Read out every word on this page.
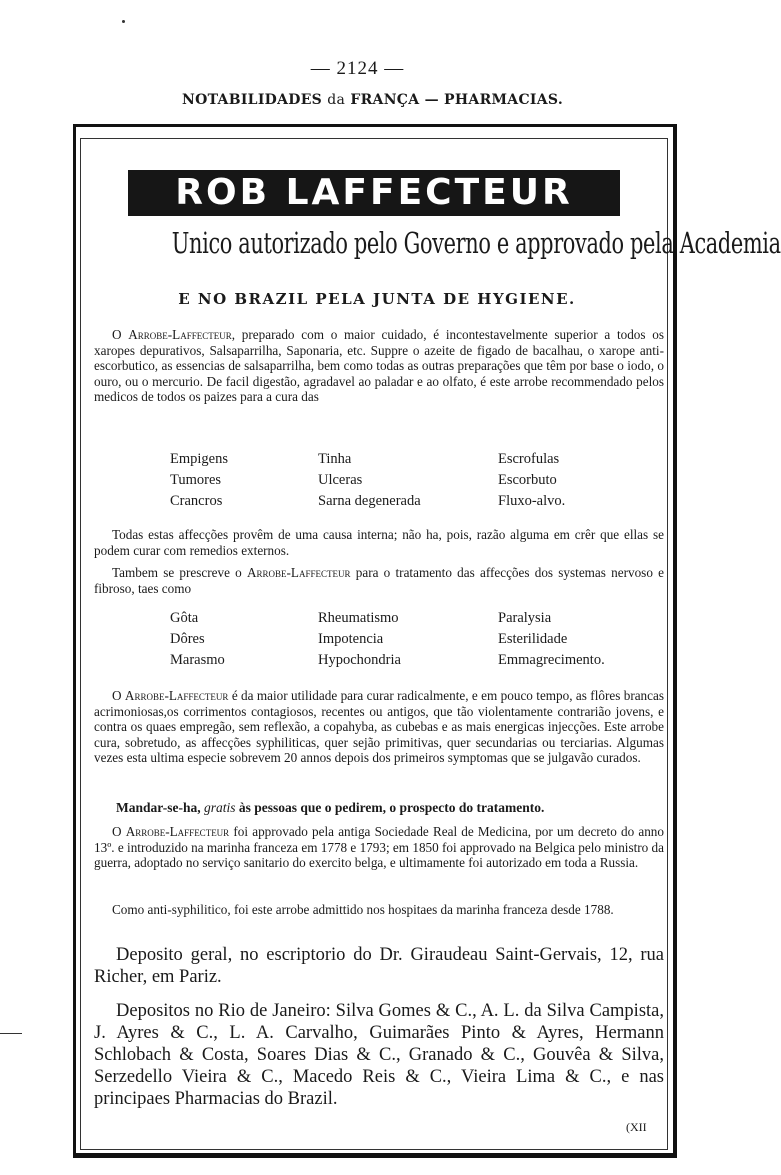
— 2124 —
NOTABILIDADES da FRANÇA — PHARMACIAS.
ROB LAFFECTEUR
Unico autorizado pelo Governo e approvado pela Academia
E NO BRAZIL PELA JUNTA DE HYGIENE.
O Arrobe-Laffecteur, preparado com o maior cuidado, é incontestavelmente superior a todos os xaropes depurativos, Salsaparrilha, Saponaria, etc. Suppre o azeite de figado de bacalhau, o xarope anti-escorbutico, as essencias de salsaparrilha, bem como todas as outras preparações que têm por base o iodo, o ouro, ou o mercurio. De facil digestão, agradavel ao paladar e ao olfato, é este arrobe recommendado pelos medicos de todos os paizes para a cura das
Empigens	Tinha	Escrofulas
Tumores	Ulceras	Escorbuto
Crancros	Sarna degenerada	Fluxo-alvo.
Todas estas affecções provêm de uma causa interna; não ha, pois, razão alguma em crêr que ellas se podem curar com remedios externos.
Tambem se prescreve o Arrobe-Laffecteur para o tratamento das affecções dos systemas nervoso e fibroso, taes como
Gôta	Rheumatismo	Paralysia
Dôres	Impotencia	Esterilidade
Marasmo	Hypochondria	Emmagrecimento.
O Arrobe-Laffecteur é da maior utilidade para curar radicalmente, e em pouco tempo, as flôres brancas acrimoniosas,os corrimentos contagiosos, recentes ou antigos, que tão violentamente contrarião jovens, e contra os quaes empregão, sem reflexão, a copahyba, as cubebas e as mais energicas injecções. Este arrobe cura, sobretudo, as affecções syphiliticas, quer sejão primitivas, quer secundarias ou terciarias. Algumas vezes esta ultima especie sobrevem 20 annos depois dos primeiros symptomas que se julgavão curados.
Mandar-se-ha, gratis às pessoas que o pedirem, o prospecto do tratamento.
O Arrobe-Laffecteur foi approvado pela antiga Sociedade Real de Medicina, por um decreto do anno 13º. e introduzido na marinha franceza em 1778 e 1793; em 1850 foi approvado na Belgica pelo ministro da guerra, adoptado no serviço sanitario do exercito belga, e ultimamente foi autorizado em toda a Russia.
Como anti-syphilitico, foi este arrobe admittido nos hospitaes da marinha franceza desde 1788.
Deposito geral, no escriptorio do Dr. Giraudeau Saint-Gervais, 12, rua Richer, em Pariz.
Depositos no Rio de Janeiro: Silva Gomes & C., A. L. da Silva Campista, J. Ayres & C., L. A. Carvalho, Guimarães Pinto & Ayres, Hermann Schlobach & Costa, Soares Dias & C., Granado & C., Gouvêa & Silva, Serzedello Vieira & C., Macedo Reis & C., Vieira Lima & C., e nas principaes Pharmacias do Brazil.
(XII
